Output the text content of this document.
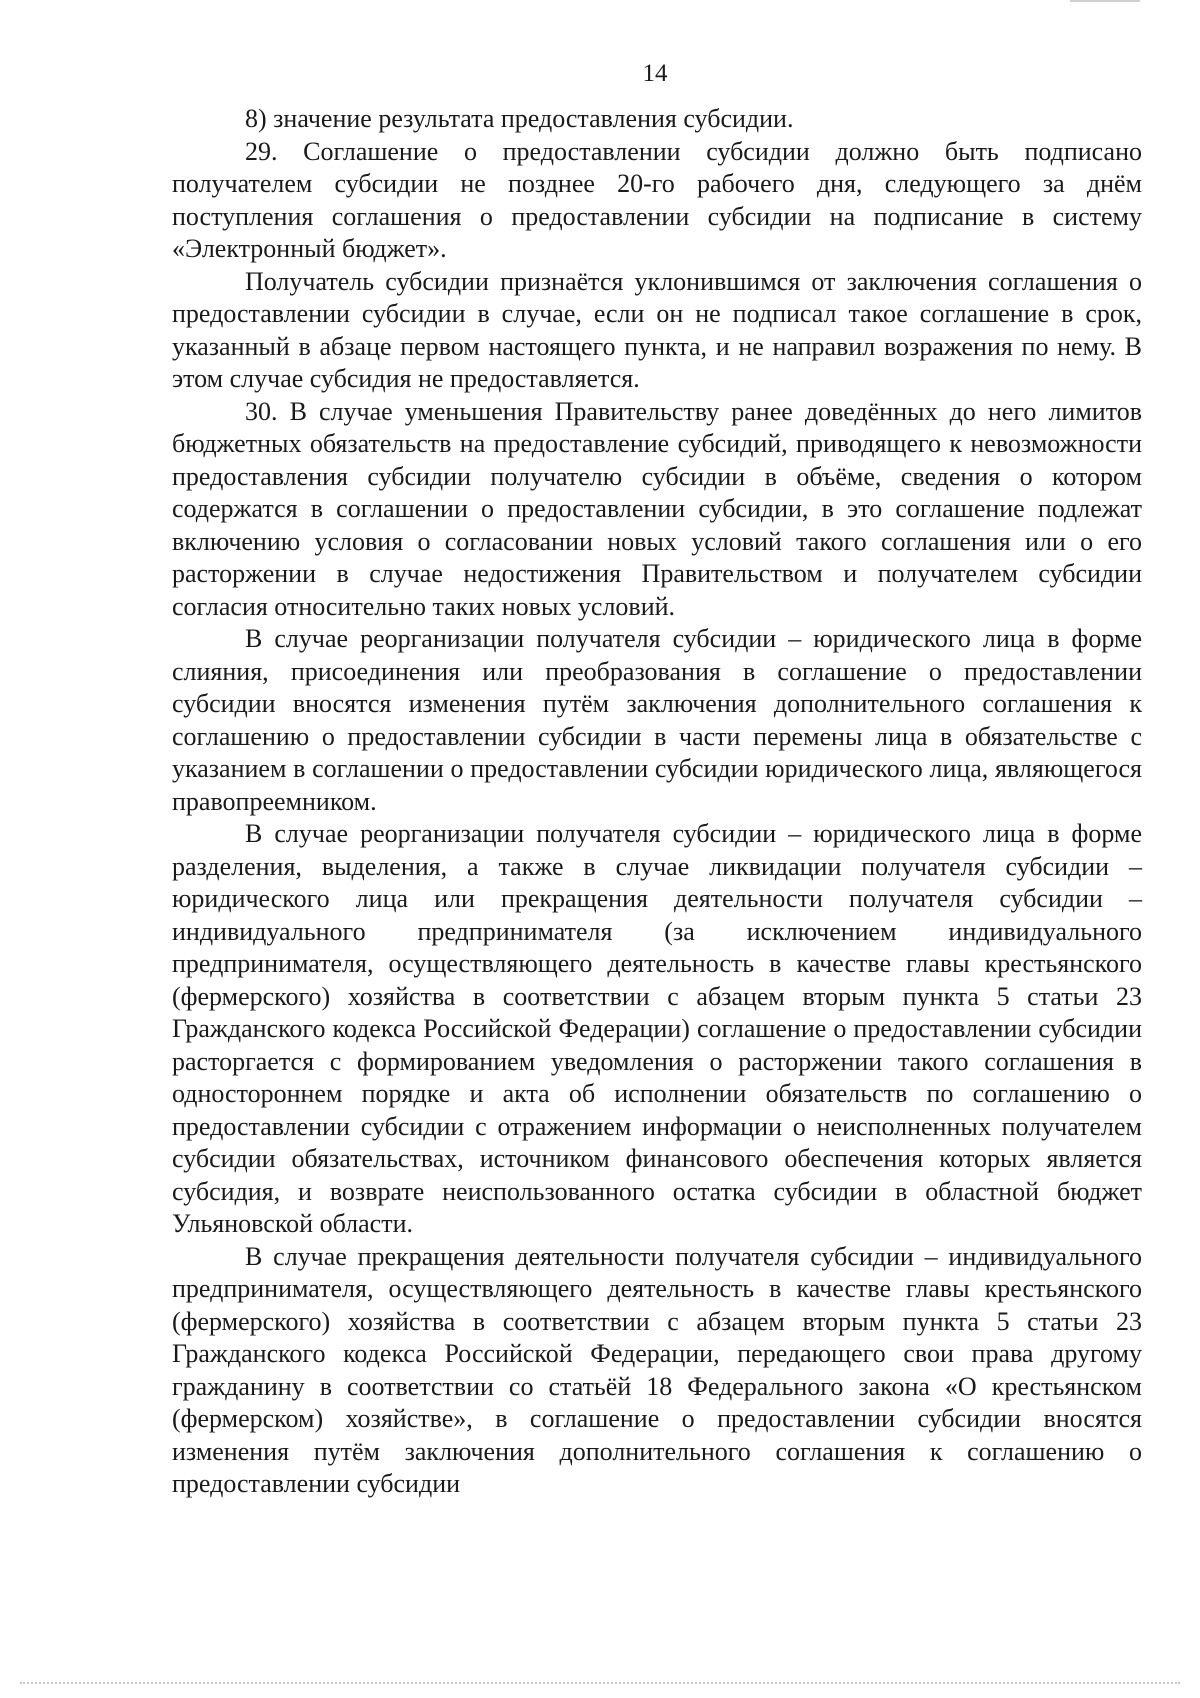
14

8) значение результата предоставления субсидии.

29. Соглашение о предоставлении субсидии должно быть подписано получателем субсидии не позднее 20-го рабочего дня, следующего за днём поступления соглашения о предоставлении субсидии на подписание в систему «Электронный бюджет».

Получатель субсидии признаётся уклонившимся от заключения соглашения о предоставлении субсидии в случае, если он не подписал такое соглашение в срок, указанный в абзаце первом настоящего пункта, и не направил возражения по нему. В этом случае субсидия не предоставляется.

30. В случае уменьшения Правительству ранее доведённых до него лимитов бюджетных обязательств на предоставление субсидий, приводящего к невозможности предоставления субсидии получателю субсидии в объёме, сведения о котором содержатся в соглашении о предоставлении субсидии, в это соглашение подлежат включению условия о согласовании новых условий такого соглашения или о его расторжении в случае недостижения Правительством и получателем субсидии согласия относительно таких новых условий.

В случае реорганизации получателя субсидии – юридического лица в форме слияния, присоединения или преобразования в соглашение о предоставлении субсидии вносятся изменения путём заключения дополнительного соглашения к соглашению о предоставлении субсидии в части перемены лица в обязательстве с указанием в соглашении о предоставлении субсидии юридического лица, являющегося правопреемником.

В случае реорганизации получателя субсидии – юридического лица в форме разделения, выделения, а также в случае ликвидации получателя субсидии – юридического лица или прекращения деятельности получателя субсидии – индивидуального предпринимателя (за исключением индивидуального предпринимателя, осуществляющего деятельность в качестве главы крестьянского (фермерского) хозяйства в соответствии с абзацем вторым пункта 5 статьи 23 Гражданского кодекса Российской Федерации) соглашение о предоставлении субсидии расторгается с формированием уведомления о расторжении такого соглашения в одностороннем порядке и акта об исполнении обязательств по соглашению о предоставлении субсидии с отражением информации о неисполненных получателем субсидии обязательствах, источником финансового обеспечения которых является субсидия, и возврате неиспользованного остатка субсидии в областной бюджет Ульяновской области.

В случае прекращения деятельности получателя субсидии – индивидуального предпринимателя, осуществляющего деятельность в качестве главы крестьянского (фермерского) хозяйства в соответствии с абзацем вторым пункта 5 статьи 23 Гражданского кодекса Российской Федерации, передающего свои права другому гражданину в соответствии со статьёй 18 Федерального закона «О крестьянском (фермерском) хозяйстве», в соглашение о предоставлении субсидии вносятся изменения путём заключения дополнительного соглашения к соглашению о предоставлении субсидии
